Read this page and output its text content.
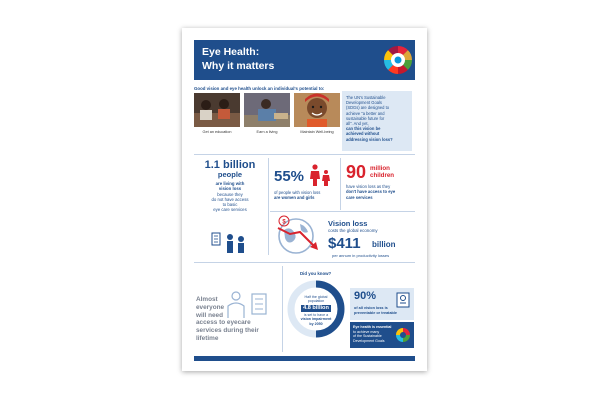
Eye Health:
Why it matters
Good vision and eye health unlock an individual's potential to:
Get an education	Earn a living	Maintain Well-being
The UN's Sustainable
Development Goals
(SDGs) are designed to
achieve "a better and
sustainable future for
all". And yet,
can this vision be
achieved without
addressing vision loss?
1.1 billion
people
are living with
vision loss
because they
do not have access
to basic
eye care services
55%
of people with vision loss
are women and girls
90 million
children
have vision loss as they
don't have access to eye
care services
$	Vision loss
costs the global economy
$411 billion
per annum in productivity losses
Almost
everyone
will need
access to eyecare
services during their
lifetime
Did you know?
Half the global
population
4.8 billion
is set to have a
vision impairment
by 2050
90%
of all vision loss is
preventable or treatable
Eye health is essential
to achieve many
of the Sustainable
Development Goals
